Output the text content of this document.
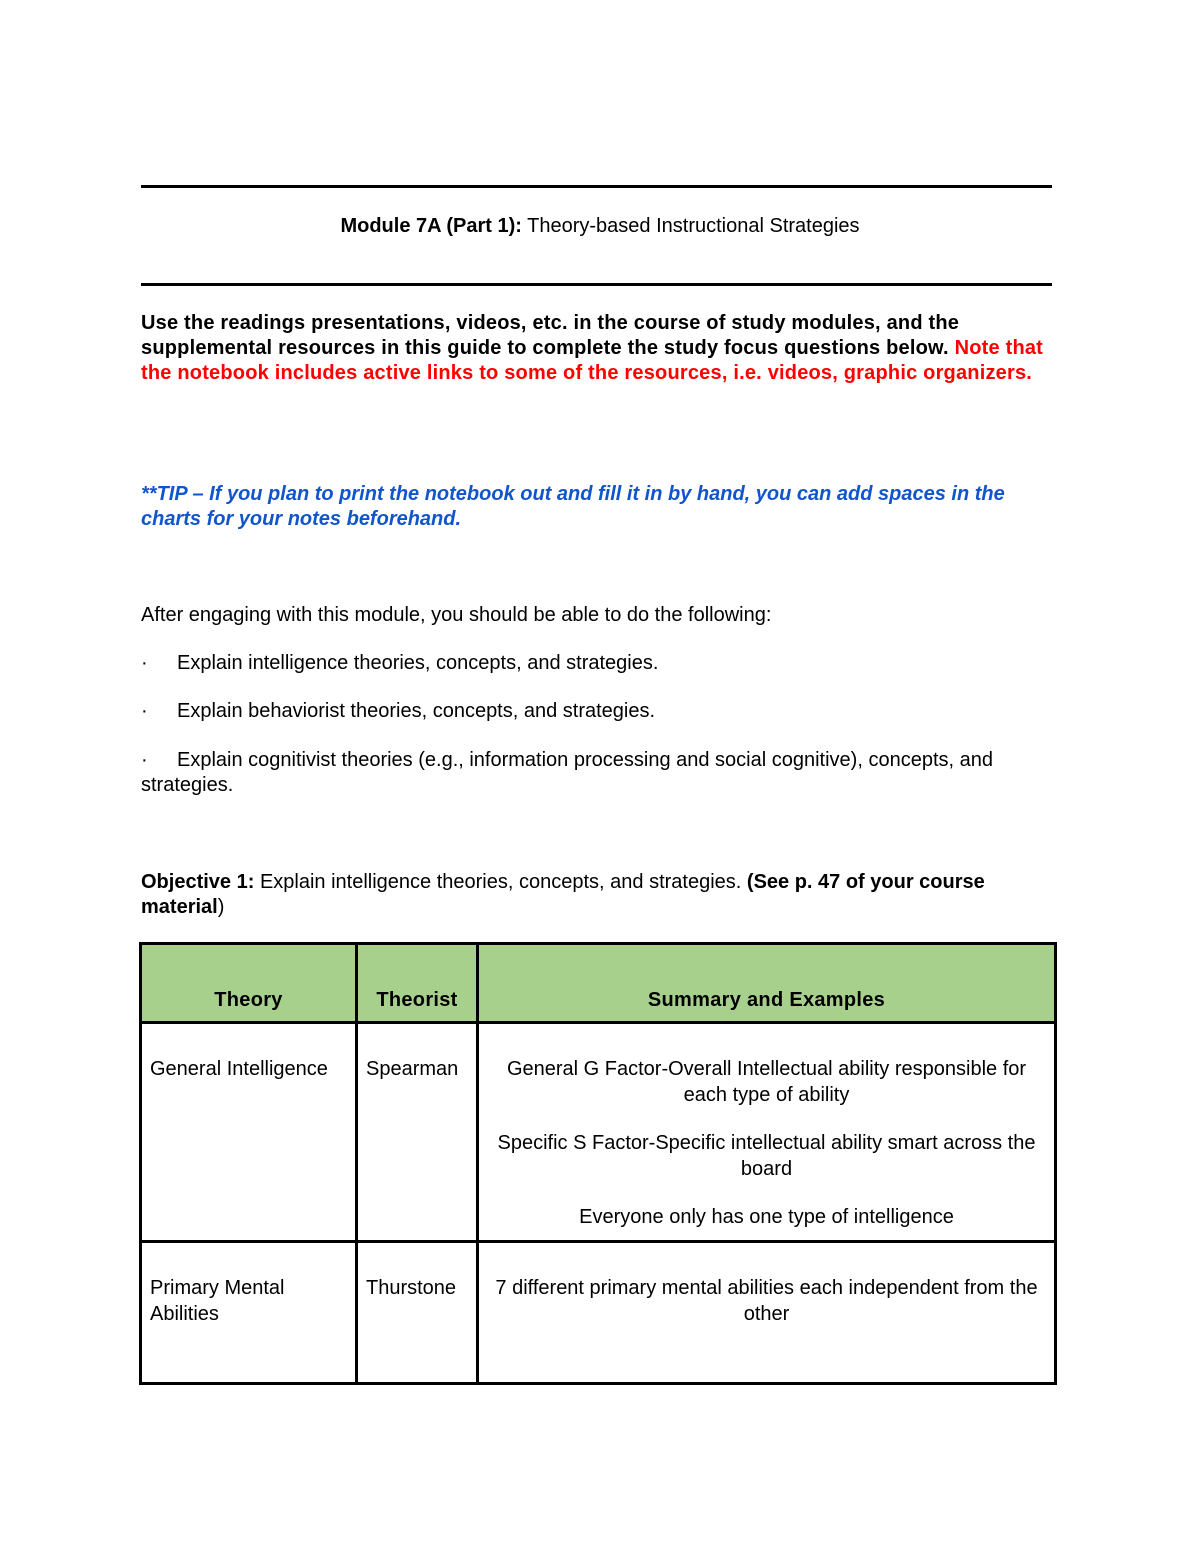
Module 7A (Part 1): Theory-based Instructional Strategies
Use the readings presentations, videos, etc. in the course of study modules, and the supplemental resources in this guide to complete the study focus questions below. Note that the notebook includes active links to some of the resources, i.e. videos, graphic organizers.
**TIP – If you plan to print the notebook out and fill it in by hand, you can add spaces in the charts for your notes beforehand.
After engaging with this module, you should be able to do the following:
· Explain intelligence theories, concepts, and strategies.
· Explain behaviorist theories, concepts, and strategies.
· Explain cognitivist theories (e.g., information processing and social cognitive), concepts, and strategies.
Objective 1: Explain intelligence theories, concepts, and strategies. (See p. 47 of your course material)
Theory	Theorist	Summary and Examples

General Intelligence	Spearman	General G Factor-Overall Intellectual ability responsible for each type of ability

Specific S Factor-Specific intellectual ability smart across the board

Everyone only has one type of intelligence

Primary Mental Abilities	Thurstone	7 different primary mental abilities each independent from the other
